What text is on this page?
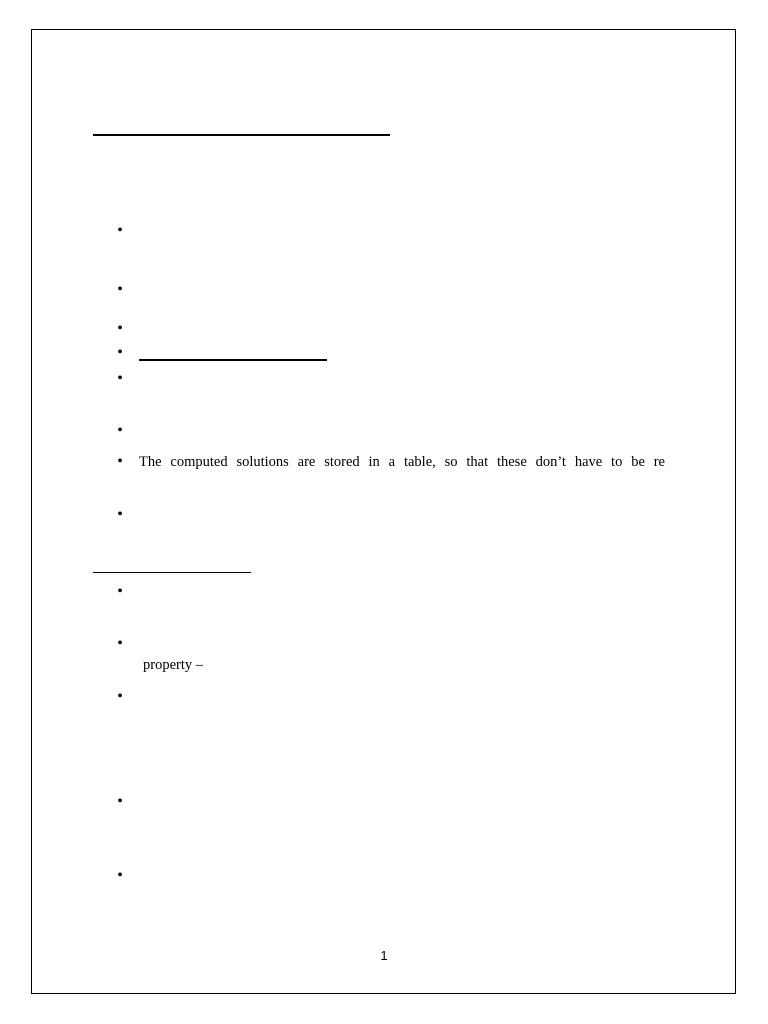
•
•
•
•
•
•
• The computed solutions are stored in a table, so that these don’t have to be re
•
•
•
property –
•
•
•
1
